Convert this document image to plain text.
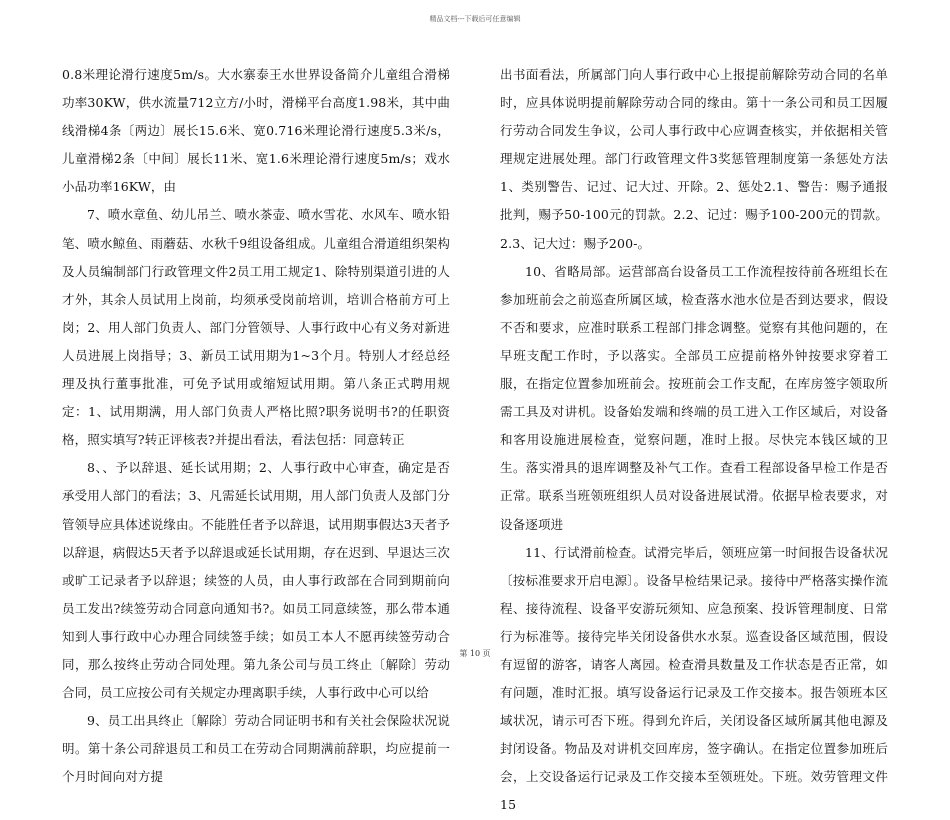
精品文档---下载后可任意编辑

0.8米理论滑行速度5m/s。大水寨泰王水世界设备简介儿童组合滑梯功率30KW，供水流量712立方/小时，滑梯平台高度1.98米，其中曲线滑梯4条〔两边〕展长15.6米、宽0.716米理论滑行速度5.3米/s，儿童滑梯2条〔中间〕展长11米、宽1.6米理论滑行速度5m/s；戏水小品功率16KW，由

7、喷水章鱼、幼儿吊兰、喷水茶壶、喷水雪花、水风车、喷水铅笔、喷水鲸鱼、雨蘑菇、水秋千9组设备组成。儿童组合滑道组织架构及人员编制部门行政管理文件2员工用工规定1、除特别渠道引进的人才外，其余人员试用上岗前，均须承受岗前培训，培训合格前方可上岗；2、用人部门负责人、部门分管领导、人事行政中心有义务对新进人员进展上岗指导；3、新员工试用期为1~3个月。特别人才经总经理及执行董事批准，可免予试用或缩短试用期。第八条正式聘用规定：1、试用期满，用人部门负责人严格比照?职务说明书?的任职资格，照实填写?转正评核表?并提出看法，看法包括：同意转正

8、、予以辞退、延长试用期；2、人事行政中心审查，确定是否承受用人部门的看法；3、凡需延长试用期，用人部门负责人及部门分管领导应具体述说缘由。不能胜任者予以辞退，试用期事假达3天者予以辞退，病假达5天者予以辞退或延长试用期，存在迟到、早退达三次或旷工记录者予以辞退；续签的人员，由人事行政部在合同到期前向员工发出?续签劳动合同意向通知书?。如员工同意续签，那么带本通知到人事行政中心办理合同续签手续；如员工本人不愿再续签劳动合同，那么按终止劳动合同处理。第九条公司与员工终止〔解除〕劳动合同，员工应按公司有关规定办理离职手续，人事行政中心可以给

9、员工出具终止〔解除〕劳动合同证明书和有关社会保险状况说明。第十条公司辞退员工和员工在劳动合同期满前辞职，均应提前一个月时间向对方提

出书面看法，所属部门向人事行政中心上报提前解除劳动合同的名单时，应具体说明提前解除劳动合同的缘由。第十一条公司和员工因履行劳动合同发生争议，公司人事行政中心应调查核实，并依据相关管理规定进展处理。部门行政管理文件3奖惩管理制度第一条惩处方法1、类别警告、记过、记大过、开除。2、惩处2.1、警告：赐予通报批判，赐予50-100元的罚款。2.2、记过：赐予100-200元的罚款。2.3、记大过：赐予200-。

10、省略局部。运营部高台设备员工工作流程按待前各班组长在参加班前会之前巡查所属区域，检查落水池水位是否到达要求，假设不否和要求，应准时联系工程部门排念调整。觉察有其他问题的，在早班支配工作时，予以落实。全部员工应提前格外钟按要求穿着工服，在指定位置参加班前会。按班前会工作支配，在库房签字领取所需工具及对讲机。设备始发端和终端的员工进入工作区域后，对设备和客用设施进展检查，觉察问题，准时上报。尽快完本钱区域的卫生。落实滑具的退库调整及补气工作。查看工程部设备早检工作是否正常。联系当班领班组织人员对设备进展试滑。依据早检表要求，对设备逐项进

11、行试滑前检查。试滑完毕后，领班应第一时间报告设备状况〔按标准要求开启电源〕。设备早检结果记录。接待中严格落实操作流程、接待流程、设备平安游玩须知、应急预案、投诉管理制度、日常行为标准等。接待完毕关闭设备供水水泵。巡查设备区域范围，假设有逗留的游客，请客人离园。检查滑具数量及工作状态是否正常，如有问题，准时汇报。填写设备运行记录及工作交接本。报告领班本区域状况，请示可否下班。得到允许后，关闭设备区域所属其他电源及封闭设备。物品及对讲机交回库房，签字确认。在指定位置参加班后会，上交设备运行记录及工作交接本至领班处。下班。效劳管理文件15

第 10 页
